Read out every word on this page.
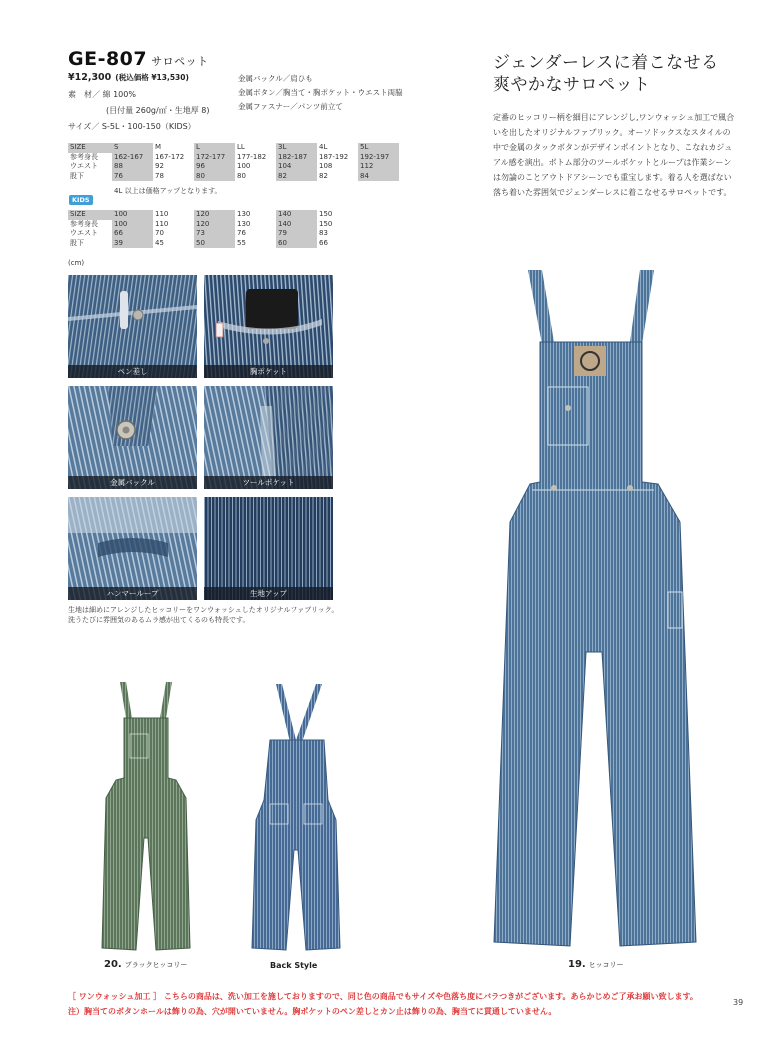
GE-807 サロペット
¥12,300 (税込価格 ¥13,530)
素　材／ 綿 100%
(目付量 260g/㎡・生地厚 8)
サイズ／ S-5L・100-150（KIDS）
金属バックル／肩ひも
金属ボタン／胸当て・胸ポケット・ウエスト両脇
金属ファスナー／パンツ前立て
SIZE	S	M	L	LL	3L	4L	5L
参考身長	162-167	167-172	172-177	177-182	182-187	187-192	192-197
ウエスト	88	92	96	100	104	108	112
股下	76	78	80	80	82	82	84
4L 以上は価格アップとなります。
KIDS
SIZE	100	110	120	130	140	150
参考身長	100	110	120	130	140	150
ウエスト	66	70	73	76	79	83
股下	39	45	50	55	60	66
(cm)
ペン差し	胸ポケット
金属バックル	ツールポケット
ハンマーループ	生地アップ
生地は細めにアレンジしたヒッコリーをワンウォッシュしたオリジナルファブリック。
洗うたびに雰囲気のあるムラ感が出てくるのも特長です。
ジェンダーレスに着こなせる
爽やかなサロペット
定番のヒッコリー柄を細目にアレンジし,ワンウォッシュ加工で風合いを出したオリジナルファブリック。オーソドックスなスタイルの中で金属のタックボタンがデザインポイントとなり、こなれカジュアル感を演出。ボトム部分のツールポケットとループは作業シーンは勿論のことアウトドアシーンでも重宝します。着る人を選ばない落ち着いた雰囲気でジェンダーレスに着こなせるサロペットです。
19. ヒッコリー
20. ブラックヒッコリー	Back Style
［ ワンウォッシュ加工 ］ こちらの商品は、洗い加工を施しておりますので、同じ色の商品でもサイズや色落ち度にバラつきがございます。あらかじめご了承お願い致します。
注）胸当てのボタンホールは飾りの為、穴が開いていません。胸ポケットのペン差しとカン止は飾りの為、胸当てに貫通していません。
39
